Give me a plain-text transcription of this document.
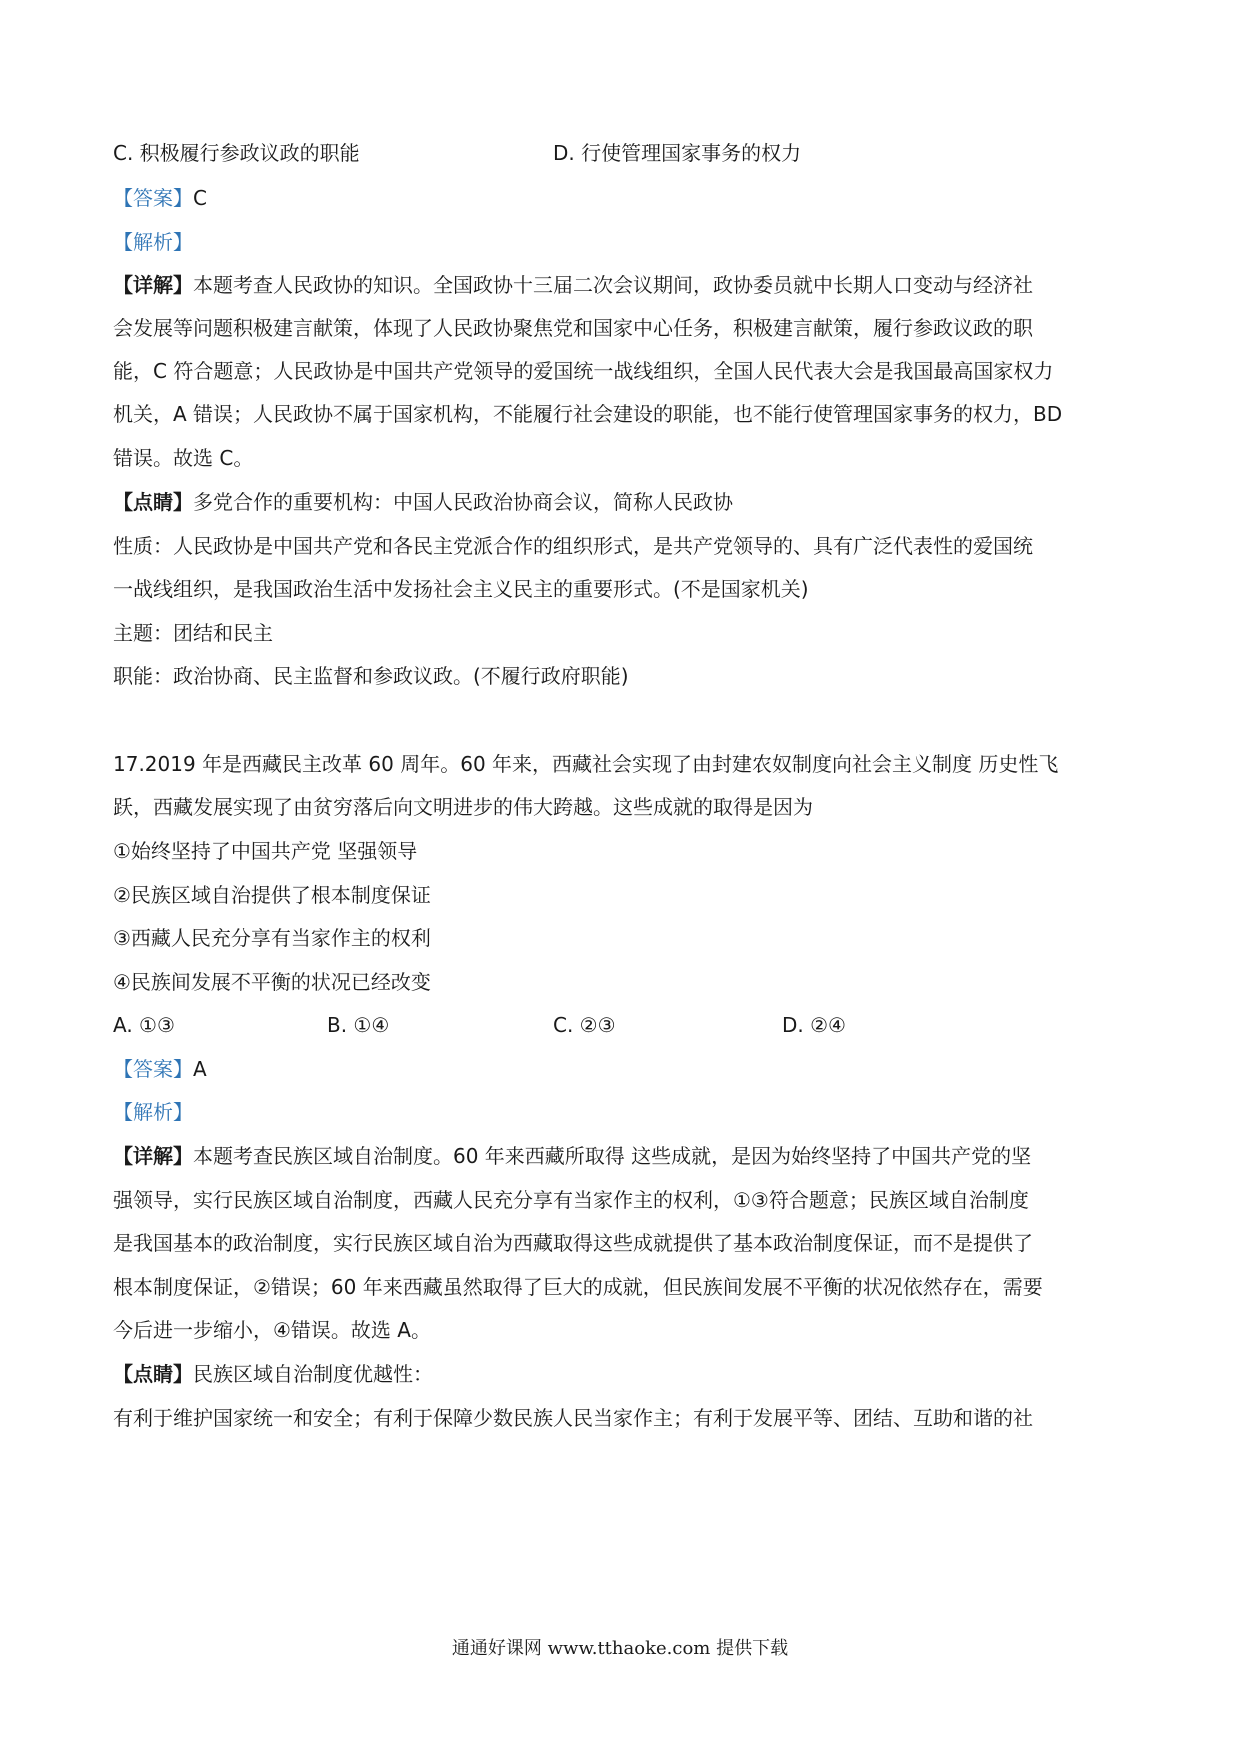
C. 积极履行参政议政的职能	D. 行使管理国家事务的权力
【答案】C
【解析】
【详解】本题考查人民政协的知识。全国政协十三届二次会议期间，政协委员就中长期人口变动与经济社
会发展等问题积极建言献策，体现了人民政协聚焦党和国家中心任务，积极建言献策，履行参政议政的职
能，C 符合题意；人民政协是中国共产党领导的爱国统一战线组织，全国人民代表大会是我国最高国家权力
机关，A 错误；人民政协不属于国家机构，不能履行社会建设的职能，也不能行使管理国家事务的权力，BD
错误。故选 C。
【点睛】多党合作的重要机构：中国人民政治协商会议，简称人民政协
性质：人民政协是中国共产党和各民主党派合作的组织形式，是共产党领导的、具有广泛代表性的爱国统
一战线组织，是我国政治生活中发扬社会主义民主的重要形式。(不是国家机关)
主题：团结和民主
职能：政治协商、民主监督和参政议政。(不履行政府职能)
17.2019 年是西藏民主改革 60 周年。60 年来，西藏社会实现了由封建农奴制度向社会主义制度 历史性飞
跃，西藏发展实现了由贫穷落后向文明进步的伟大跨越。这些成就的取得是因为
①始终坚持了中国共产党 坚强领导
②民族区域自治提供了根本制度保证
③西藏人民充分享有当家作主的权利
④民族间发展不平衡的状况已经改变
A. ①③	B. ①④	C. ②③	D. ②④
【答案】A
【解析】
【详解】本题考查民族区域自治制度。60 年来西藏所取得 这些成就，是因为始终坚持了中国共产党的坚
强领导，实行民族区域自治制度，西藏人民充分享有当家作主的权利，①③符合题意；民族区域自治制度
是我国基本的政治制度，实行民族区域自治为西藏取得这些成就提供了基本政治制度保证，而不是提供了
根本制度保证，②错误；60 年来西藏虽然取得了巨大的成就，但民族间发展不平衡的状况依然存在，需要
今后进一步缩小，④错误。故选 A。
【点睛】民族区域自治制度优越性：
有利于维护国家统一和安全；有利于保障少数民族人民当家作主；有利于发展平等、团结、互助和谐的社
通通好课网 www.tthaoke.com 提供下载
